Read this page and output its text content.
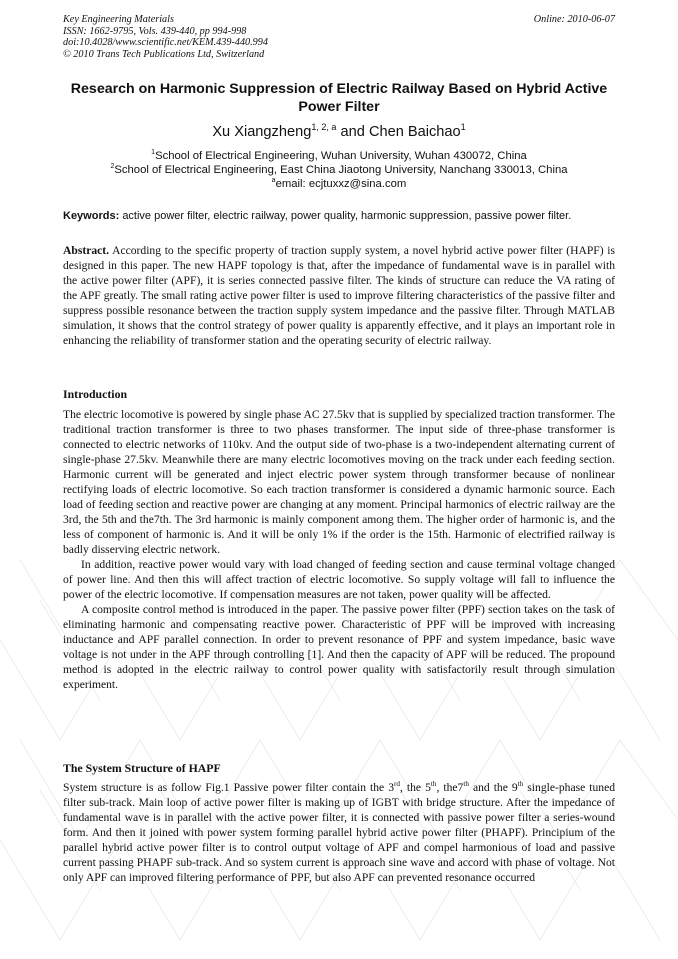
Key Engineering Materials
ISSN: 1662-9795, Vols. 439-440, pp 994-998
doi:10.4028/www.scientific.net/KEM.439-440.994
© 2010 Trans Tech Publications Ltd, Switzerland
Online: 2010-06-07
Research on Harmonic Suppression of Electric Railway Based on Hybrid Active Power Filter
Xu Xiangzheng$^{1, 2, a}$ and Chen Baichao$^1$
$^1$School of Electrical Engineering, Wuhan University, Wuhan 430072, China
$^2$School of Electrical Engineering, East China Jiaotong University, Nanchang 330013, China
$^a$email: ecjtuxxz@sina.com
Keywords: active power filter, electric railway, power quality, harmonic suppression, passive power filter.

Abstract. According to the specific property of traction supply system, a novel hybrid active power filter (HAPF) is designed in this paper. The new HAPF topology is that, after the impedance of fundamental wave is in parallel with the active power filter (APF), it is series connected passive filter. The kinds of structure can reduce the VA rating of the APF greatly. The small rating active power filter is used to improve filtering characteristics of the passive filter and suppress possible resonance between the traction supply system impedance and the passive filter. Through MATLAB simulation, it shows that the control strategy of power quality is apparently effective, and it plays an important role in enhancing the reliability of transformer station and the operating security of electric railway.

Introduction

The electric locomotive is powered by single phase AC 27.5kv that is supplied by specialized traction transformer. The traditional traction transformer is three to two phases transformer. The input side of three-phase transformer is connected to electric networks of 110kv. And the output side of two-phase is a two-independent alternating current of single-phase 27.5kv. Meanwhile there are many electric locomotives moving on the track under each feeding section. Harmonic current will be generated and inject electric power system through transformer because of nonlinear rectifying loads of electric locomotive. So each traction transformer is considered a dynamic harmonic source. Each load of feeding section and reactive power are changing at any moment. Principal harmonics of electric railway are the 3rd, the 5th and the7th. The 3rd harmonic is mainly component among them. The higher order of harmonic is, and the less of component of harmonic is. And it will be only 1% if the order is the 15th. Harmonic of electrified railway is badly disserving electric network.

In addition, reactive power would vary with load changed of feeding section and cause terminal voltage changed of power line. And then this will affect traction of electric locomotive. So supply voltage will fall to influence the power of the electric locomotive. If compensation measures are not taken, power quality will be affected.

A composite control method is introduced in the paper. The passive power filter (PPF) section takes on the task of eliminating harmonic and compensating reactive power. Characteristic of PPF will be improved with increasing inductance and APF parallel connection. In order to prevent resonance of PPF and system impedance, basic wave voltage is not under in the APF through controlling [1]. And then the capacity of APF will be reduced. The propound method is adopted in the electric railway to control power quality with satisfactorily result through simulation experiment.

The System Structure of HAPF

System structure is as follow Fig.1 Passive power filter contain the 3rd, the 5th, the7th and the 9th single-phase tuned filter sub-track. Main loop of active power filter is making up of IGBT with bridge structure. After the impedance of fundamental wave is in parallel with the active power filter, it is connected with passive power filter a series-wound form. And then it joined with power system forming parallel hybrid active power filter (PHAPF). Principium of the parallel hybrid active power filter is to control output voltage of APF and compel harmonious of load and passive current passing PHAPF sub-track. And so system current is approach sine wave and accord with phase of voltage. Not only APF can improved filtering performance of PPF, but also APF can prevented resonance occurred
